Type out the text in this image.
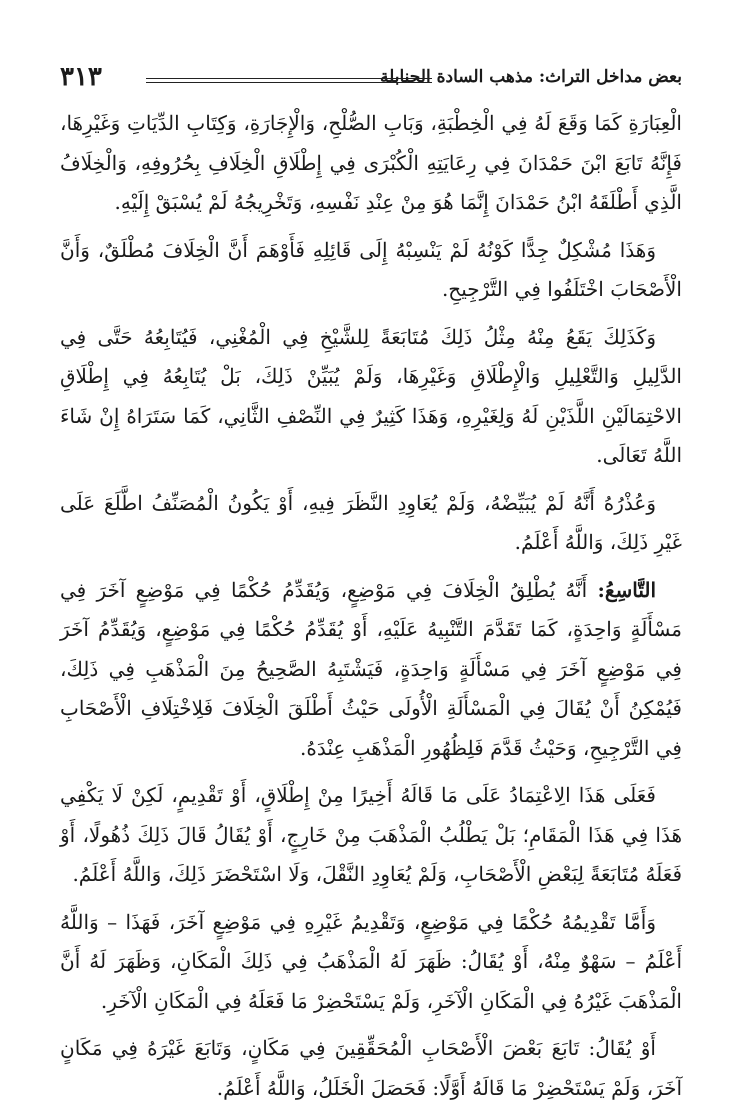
٣١٣	بعض مداخل التراث: مذهب السادة الحنابلة

الْعِبَارَةِ كَمَا وَقَعَ لَهُ فِي الْخِطْبَةِ، وَبَابِ الصُّلْحِ، وَالْإِجَارَةِ، وَكِتَابِ الدِّيَاتِ وَغَيْرِهَا، فَإِنَّهُ تَابَعَ ابْنَ حَمْدَانَ فِي رِعَايَتِهِ الْكُبْرَى فِي إِطْلَاقِ الْخِلَافِ بِحُرُوفِهِ، وَالْخِلَافُ الَّذِي أَطْلَقَهُ ابْنُ حَمْدَانَ إِنَّمَا هُوَ مِنْ عِنْدِ نَفْسِهِ، وَتَخْرِيجُهُ لَمْ يُسْبَقْ إِلَيْهِ.

وَهَذَا مُشْكِلٌ جِدًّا كَوْنُهُ لَمْ يَنْسِبْهُ إِلَى قَائِلِهِ فَأَوْهَمَ أَنَّ الْخِلَافَ مُطْلَقٌ، وَأَنَّ الْأَصْحَابَ اخْتَلَفُوا فِي التَّرْجِيحِ.

وَكَذَلِكَ يَقَعُ مِنْهُ مِثْلُ ذَلِكَ مُتَابَعَةً لِلشَّيْخِ فِي الْمُغْنِي، فَيُتَابِعُهُ حَتَّى فِي الدَّلِيلِ وَالتَّعْلِيلِ وَالْإِطْلَاقِ وَغَيْرِهَا، وَلَمْ يُبَيِّنْ ذَلِكَ، بَلْ يُتَابِعُهُ فِي إِطْلَاقِ الاحْتِمَالَيْنِ اللَّذَيْنِ لَهُ وَلِغَيْرِهِ، وَهَذَا كَثِيرٌ فِي النِّصْفِ الثَّانِي، كَمَا سَتَرَاهُ إِنْ شَاءَ اللَّهُ تَعَالَى.

وَعُذْرُهُ أَنَّهُ لَمْ يُبَيِّضْهُ، وَلَمْ يُعَاوِدِ النَّظَرَ فِيهِ، أَوْ يَكُونُ الْمُصَنِّفُ اطَّلَعَ عَلَى غَيْرِ ذَلِكَ، وَاللَّهُ أَعْلَمُ.

التَّاسِعُ: أَنَّهُ يُطْلِقُ الْخِلَافَ فِي مَوْضِعٍ، وَيُقَدِّمُ حُكْمًا فِي مَوْضِعٍ آخَرَ فِي مَسْأَلَةٍ وَاحِدَةٍ، كَمَا تَقَدَّمَ التَّنْبِيهُ عَلَيْهِ، أَوْ يُقَدِّمُ حُكْمًا فِي مَوْضِعٍ، وَيُقَدِّمُ آخَرَ فِي مَوْضِعٍ آخَرَ فِي مَسْأَلَةٍ وَاحِدَةٍ، فَيَشْتَبِهُ الصَّحِيحُ مِنَ الْمَذْهَبِ فِي ذَلِكَ، فَيُمْكِنُ أَنْ يُقَالَ فِي الْمَسْأَلَةِ الْأُولَى حَيْثُ أَطْلَقَ الْخِلَافَ فَلِاخْتِلَافِ الْأَصْحَابِ فِي التَّرْجِيحِ، وَحَيْثُ قَدَّمَ فَلِظُهُورِ الْمَذْهَبِ عِنْدَهُ.

فَعَلَى هَذَا الِاعْتِمَادُ عَلَى مَا قَالَهُ أَخِيرًا مِنْ إِطْلَاقٍ، أَوْ تَقْدِيمٍ، لَكِنْ لَا يَكْفِي هَذَا فِي هَذَا الْمَقَامِ؛ بَلْ يَطْلُبُ الْمَذْهَبَ مِنْ خَارِجٍ، أَوْ يُقَالُ قَالَ ذَلِكَ ذُهُولًا، أَوْ فَعَلَهُ مُتَابَعَةً لِبَعْضِ الْأَصْحَابِ، وَلَمْ يُعَاوِدِ النَّقْلَ، وَلَا اسْتَحْضَرَ ذَلِكَ، وَاللَّهُ أَعْلَمُ.

وَأَمَّا تَقْدِيمُهُ حُكْمًا فِي مَوْضِعٍ، وَتَقْدِيمُ غَيْرِهِ فِي مَوْضِعٍ آخَرَ، فَهَذَا – وَاللَّهُ أَعْلَمُ – سَهْوٌ مِنْهُ، أَوْ يُقَالُ: ظَهَرَ لَهُ الْمَذْهَبُ فِي ذَلِكَ الْمَكَانِ، وَظَهَرَ لَهُ أَنَّ الْمَذْهَبَ غَيْرُهُ فِي الْمَكَانِ الْآخَرِ، وَلَمْ يَسْتَحْضِرْ مَا فَعَلَهُ فِي الْمَكَانِ الْآخَرِ.

أَوْ يُقَالُ: تَابَعَ بَعْضَ الْأَصْحَابِ الْمُحَقِّقِينَ فِي مَكَانٍ، وَتَابَعَ غَيْرَهُ فِي مَكَانٍ آخَرَ، وَلَمْ يَسْتَحْضِرْ مَا قَالَهُ أَوَّلًا: فَحَصَلَ الْخَلَلُ، وَاللَّهُ أَعْلَمُ.
